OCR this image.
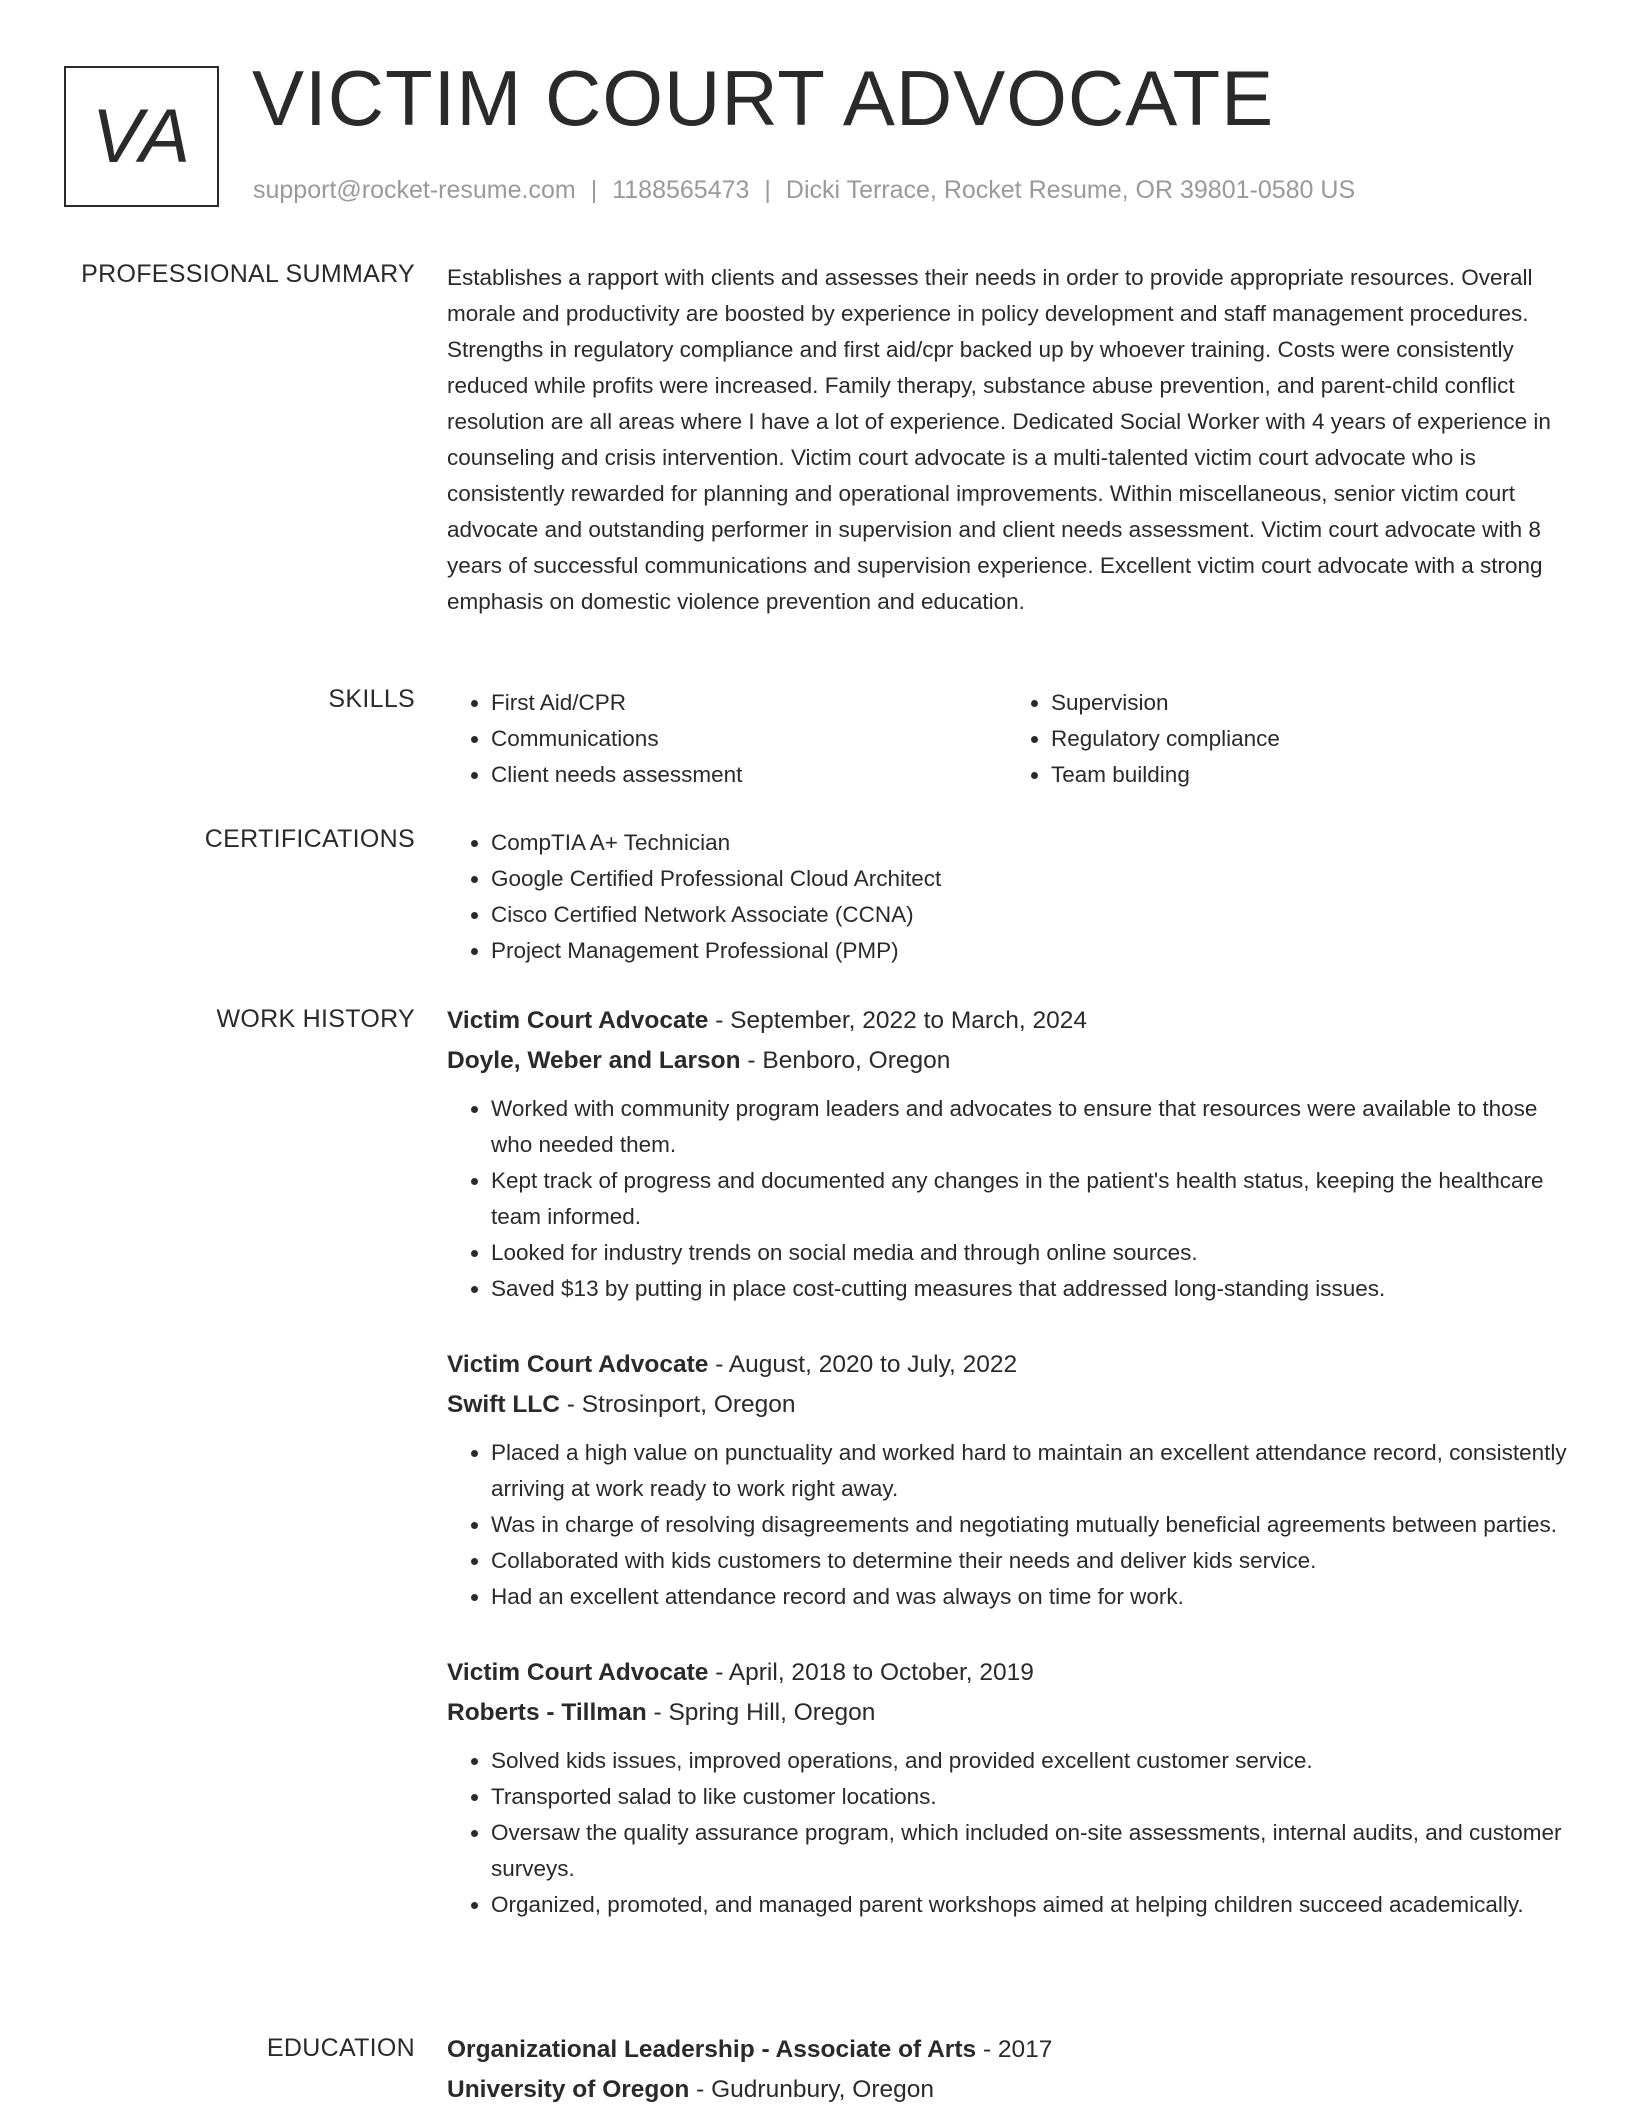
VA VICTIM COURT ADVOCATE
support@rocket-resume.com | 1188565473 | Dicki Terrace, Rocket Resume, OR 39801-0580 US
PROFESSIONAL SUMMARY Establishes a rapport with clients and assesses their needs in order to provide appropriate resources. Overall morale and productivity are boosted by experience in policy development and staff management procedures. Strengths in regulatory compliance and first aid/cpr backed up by whoever training. Costs were consistently reduced while profits were increased. Family therapy, substance abuse prevention, and parent-child conflict resolution are all areas where I have a lot of experience. Dedicated Social Worker with 4 years of experience in counseling and crisis intervention. Victim court advocate is a multi-talented victim court advocate who is consistently rewarded for planning and operational improvements. Within miscellaneous, senior victim court advocate and outstanding performer in supervision and client needs assessment. Victim court advocate with 8 years of successful communications and supervision experience. Excellent victim court advocate with a strong emphasis on domestic violence prevention and education.
SKILLS	• First Aid/CPR
• Communications
• Client needs assessment
• Supervision
• Regulatory compliance
• Team building
CERTIFICATIONS	• CompTIA A+ Technician
• Google Certified Professional Cloud Architect
• Cisco Certified Network Associate (CCNA)
• Project Management Professional (PMP)
WORK HISTORY Victim Court Advocate - September, 2022 to March, 2024
Doyle, Weber and Larson - Benboro, Oregon
• Worked with community program leaders and advocates to ensure that resources were available to those who needed them.
• Kept track of progress and documented any changes in the patient's health status, keeping the healthcare team informed.
• Looked for industry trends on social media and through online sources.
• Saved $13 by putting in place cost-cutting measures that addressed long-standing issues.
Victim Court Advocate - August, 2020 to July, 2022
Swift LLC - Strosinport, Oregon
• Placed a high value on punctuality and worked hard to maintain an excellent attendance record, consistently arriving at work ready to work right away.
• Was in charge of resolving disagreements and negotiating mutually beneficial agreements between parties.
• Collaborated with kids customers to determine their needs and deliver kids service.
• Had an excellent attendance record and was always on time for work.
Victim Court Advocate - April, 2018 to October, 2019
Roberts - Tillman - Spring Hill, Oregon
• Solved kids issues, improved operations, and provided excellent customer service.
• Transported salad to like customer locations.
• Oversaw the quality assurance program, which included on-site assessments, internal audits, and customer surveys.
• Organized, promoted, and managed parent workshops aimed at helping children succeed academically.
EDUCATION Organizational Leadership - Associate of Arts - 2017
University of Oregon - Gudrunbury, Oregon
